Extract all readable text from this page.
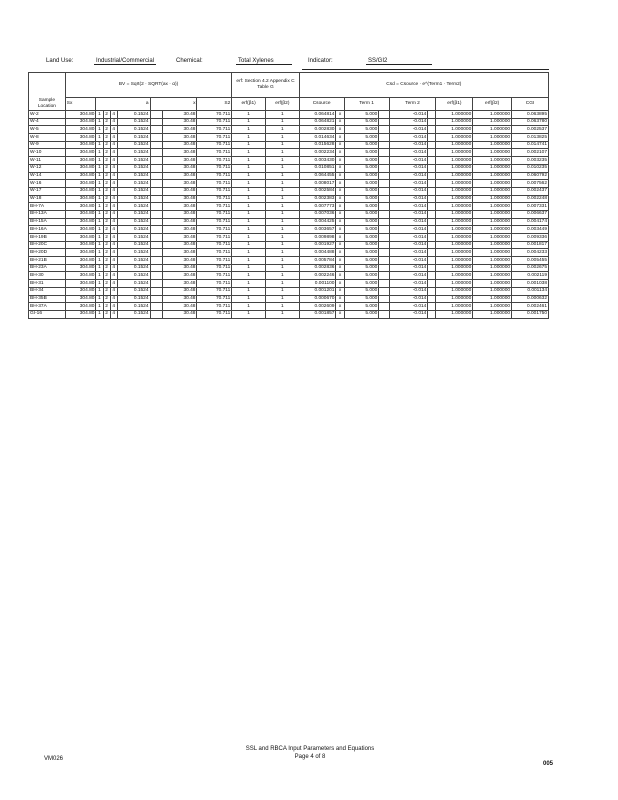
Land Use:	Industrial/Commercial	Chemical:	Total Xylenes	Indicator:	SS/GI2
Sample Location	BV = Sqrt(2 · SQRT(ax · α))								erf: Section 4.2 Appendix C Table G		Csd = Csource · e^(Term1 · Term2)								
	Sx	a				x		S2	erf(β1)	erf(β2)	Csource		Term 1		Term 2		erf(β1)	erf(β2)	CGI
W-2	304.80	1	2	4	0.1524		30.48	70.711	1	1	0.064814	x	5.000		-0.014		1.000000	1.000000	0.063895
W-4	304.80	1	2	4	0.1524		30.48	70.711	1	1	0.064821	x	5.000		-0.014		1.000000	1.000000	0.063780
W-5	304.80	1	2	4	0.1524		30.48	70.711	1	1	0.002830	x	5.000		-0.014		1.000000	1.000000	0.002537
W-8	304.80	1	2	4	0.1524		30.48	70.711	1	1	0.014634	x	5.000		-0.014		1.000000	1.000000	0.013825
W-9	304.80	1	2	4	0.1524		30.48	70.711	1	1	0.015628	x	5.000		-0.014		1.000000	1.000000	0.014741
W-10	304.80	1	2	4	0.1524		30.48	70.711	1	1	0.002234	x	5.000		-0.014		1.000000	1.000000	0.002107
W-11	304.80	1	2	4	0.1524		30.48	70.711	1	1	0.003430	x	5.000		-0.014		1.000000	1.000000	0.003235
W-12	304.80	1	2	4	0.1524		30.48	70.711	1	1	0.010851	x	5.000		-0.014		1.000000	1.000000	0.010235
W-14	304.80	1	2	4	0.1524		30.48	70.711	1	1	0.064455	x	5.000		-0.014		1.000000	1.000000	0.060792
W-16	304.80	1	2	4	0.1524		30.48	70.711	1	1	0.008017	x	5.000		-0.014		1.000000	1.000000	0.007562
W-17	304.80	1	2	4	0.1524		30.48	70.711	1	1	0.002584	x	5.000		-0.014		1.000000	1.000000	0.002437
W-18	304.80	1	2	4	0.1524		30.48	70.711	1	1	0.002383	x	5.000		-0.014		1.000000	1.000000	0.002248
BH-7A	304.80	1	2	4	0.1524		30.48	70.711	1	1	0.007773	x	5.000		-0.014		1.000000	1.000000	0.007331
BH-13A	304.80	1	2	4	0.1524		30.48	70.711	1	1	0.007036	x	5.000		-0.014		1.000000	1.000000	0.006637
BH-15A	304.80	1	2	4	0.1524		30.48	70.711	1	1	0.004425	x	5.000		-0.014		1.000000	1.000000	0.004174
BH-16A	304.80	1	2	4	0.1524		30.48	70.711	1	1	0.003657	x	5.000		-0.014		1.000000	1.000000	0.003449
BH-19B	304.80	1	2	4	0.1524		30.48	70.711	1	1	0.009898	x	5.000		-0.014		1.000000	1.000000	0.009336
BH-20C	304.80	1	2	4	0.1524		30.48	70.711	1	1	0.001927	x	5.000		-0.014		1.000000	1.000000	0.001817
BH-20D	304.80	1	2	4	0.1524		30.48	70.711	1	1	0.004488	x	5.000		-0.014		1.000000	1.000000	0.004233
BH-21B	304.80	1	2	4	0.1524		30.48	70.711	1	1	0.005784	x	5.000		-0.014		1.000000	1.000000	0.005455
BH-23A	304.80	1	2	4	0.1524		30.48	70.711	1	1	0.002836	x	5.000		-0.014		1.000000	1.000000	0.002675
BH-30	304.80	1	2	4	0.1524		30.48	70.711	1	1	0.002246	x	5.000		-0.014		1.000000	1.000000	0.002119
BH-31	304.80	1	2	4	0.1524		30.48	70.711	1	1	0.001100	x	5.000		-0.014		1.000000	1.000000	0.001038
BH-34	304.80	1	2	4	0.1524		30.48	70.711	1	1	0.001201	x	5.000		-0.014		1.000000	1.000000	0.001134
BH-35B	304.80	1	2	4	0.1524		30.48	70.711	1	1	0.000670	x	5.000		-0.014		1.000000	1.000000	0.000632
BH-37A	304.80	1	2	4	0.1524		30.48	70.711	1	1	0.002609	x	5.000		-0.014		1.000000	1.000000	0.002461
GI-16	304.80	1	2	4	0.1524		30.48	70.711	1	1	0.001857	x	5.000		-0.014		1.000000	1.000000	0.001750
VM026
SSL and RBCA Input Parameters and Equations
Page 4 of 8
005
